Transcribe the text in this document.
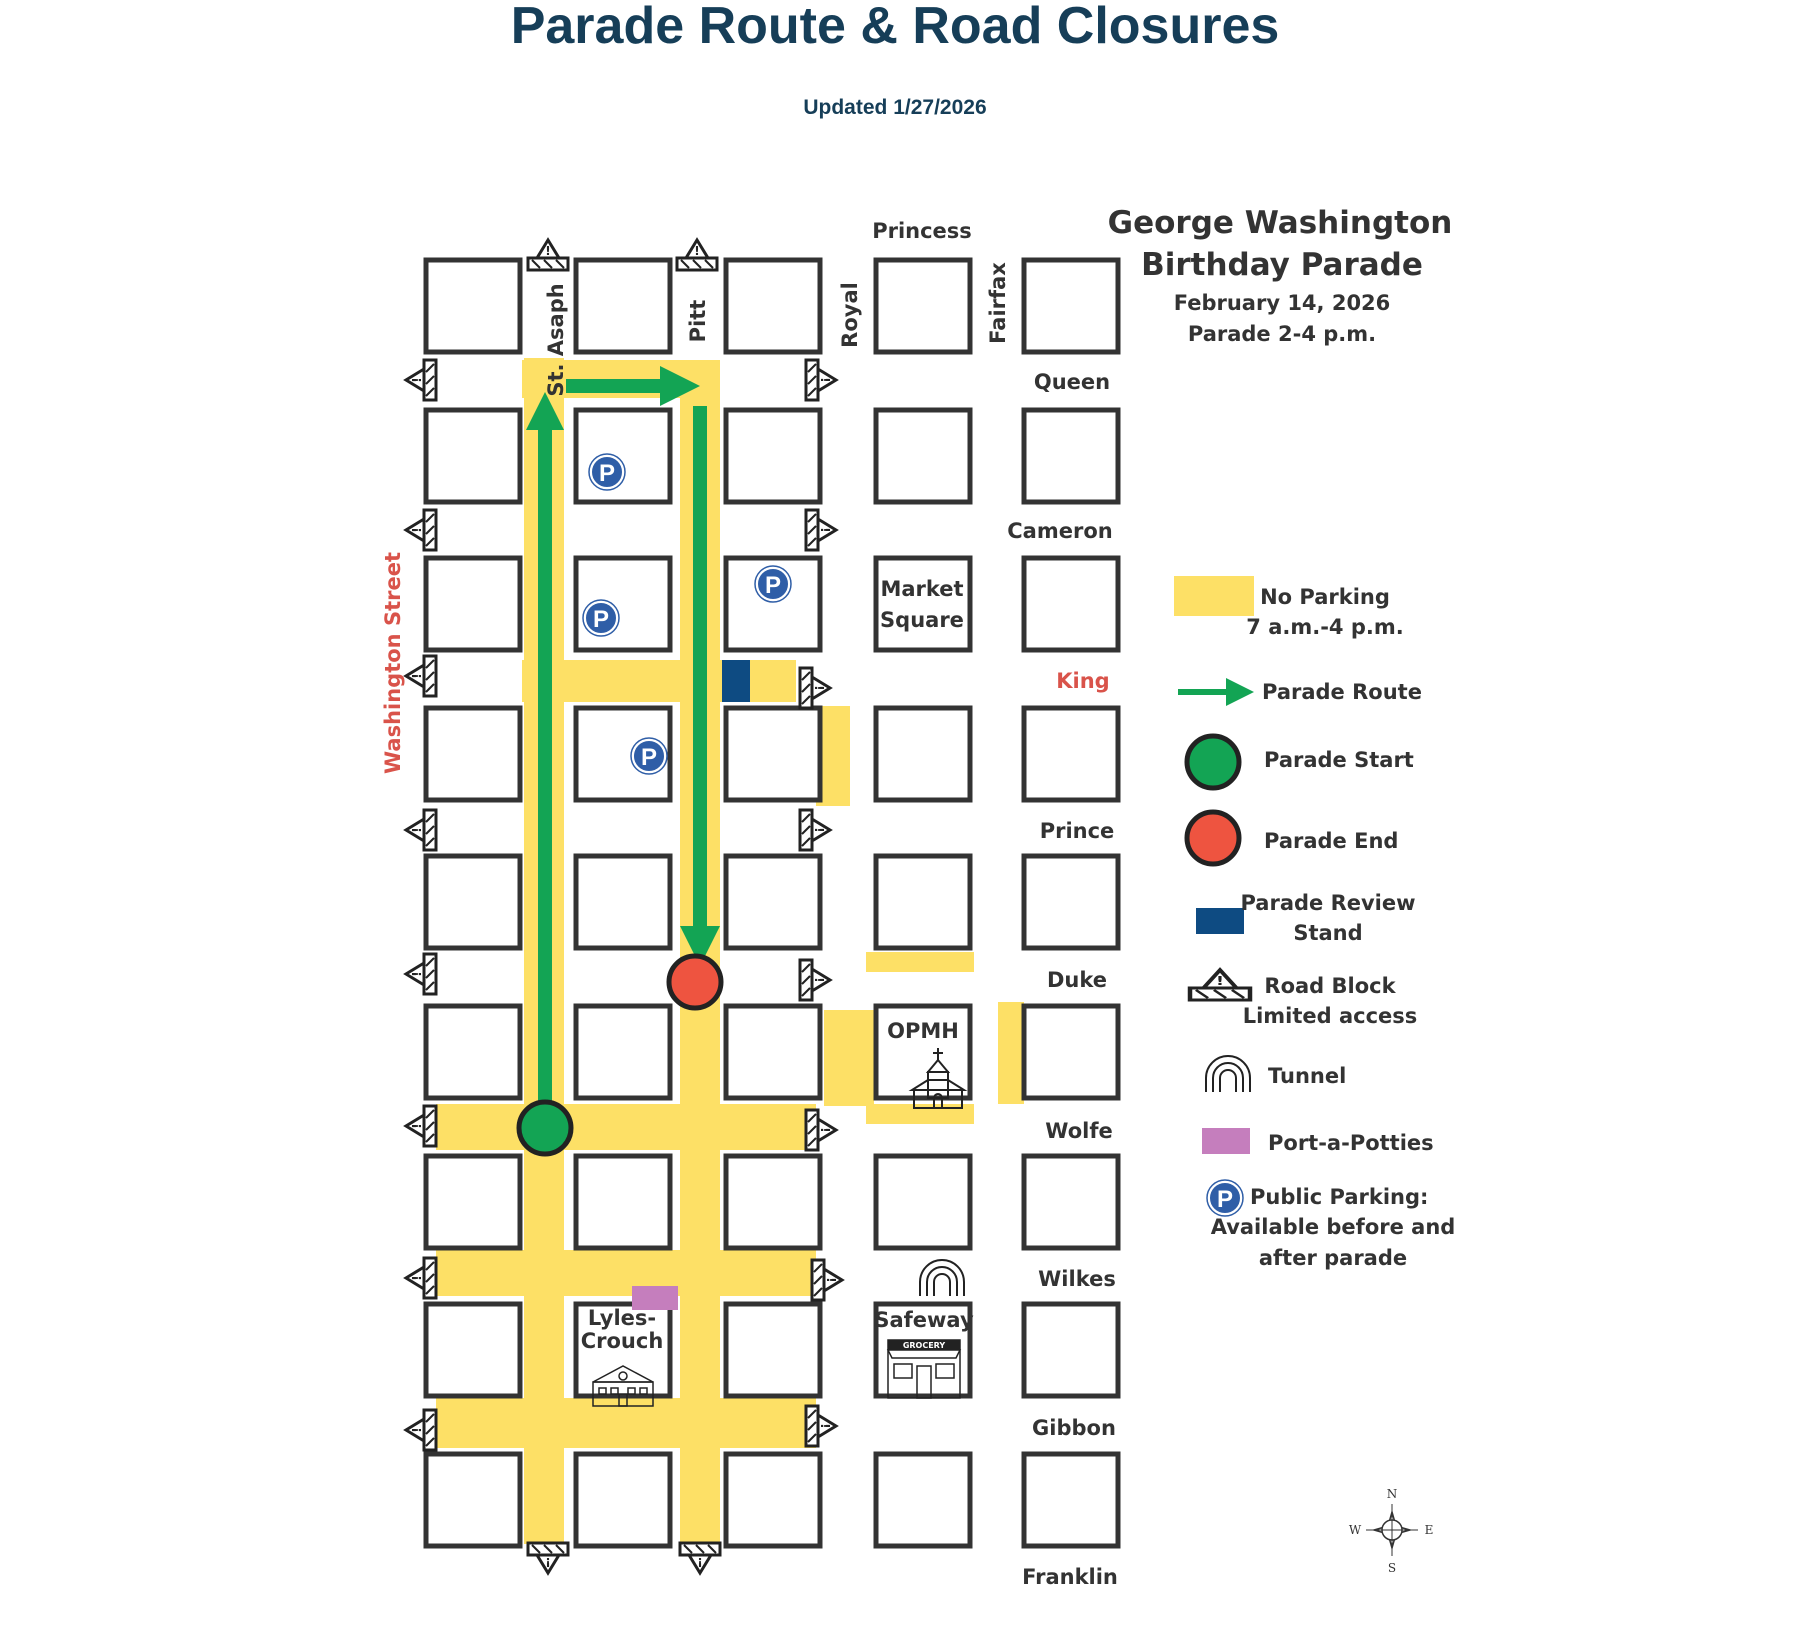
Parade Route & Road Closures
Updated 1/27/2026
P
P
P
P
Princess
Queen
Cameron
King
Prince
Duke
Wolfe
Wilkes
Gibbon
Franklin
Washington Street
St. Asaph	Pitt	Royal	Fairfax
Market
Square
OPMH
Lyles-
Crouch
Safeway
GROCERY
George Washington
Birthday Parade
February 14, 2026
Parade 2-4 p.m.
No Parking
7 a.m.-4 p.m.
Parade Route
Parade Start
Parade End
Parade Review
Stand
Road Block
Limited access
Tunnel
Port-a-Potties
P Public Parking:
Available before and
after parade
N
S
E
W
